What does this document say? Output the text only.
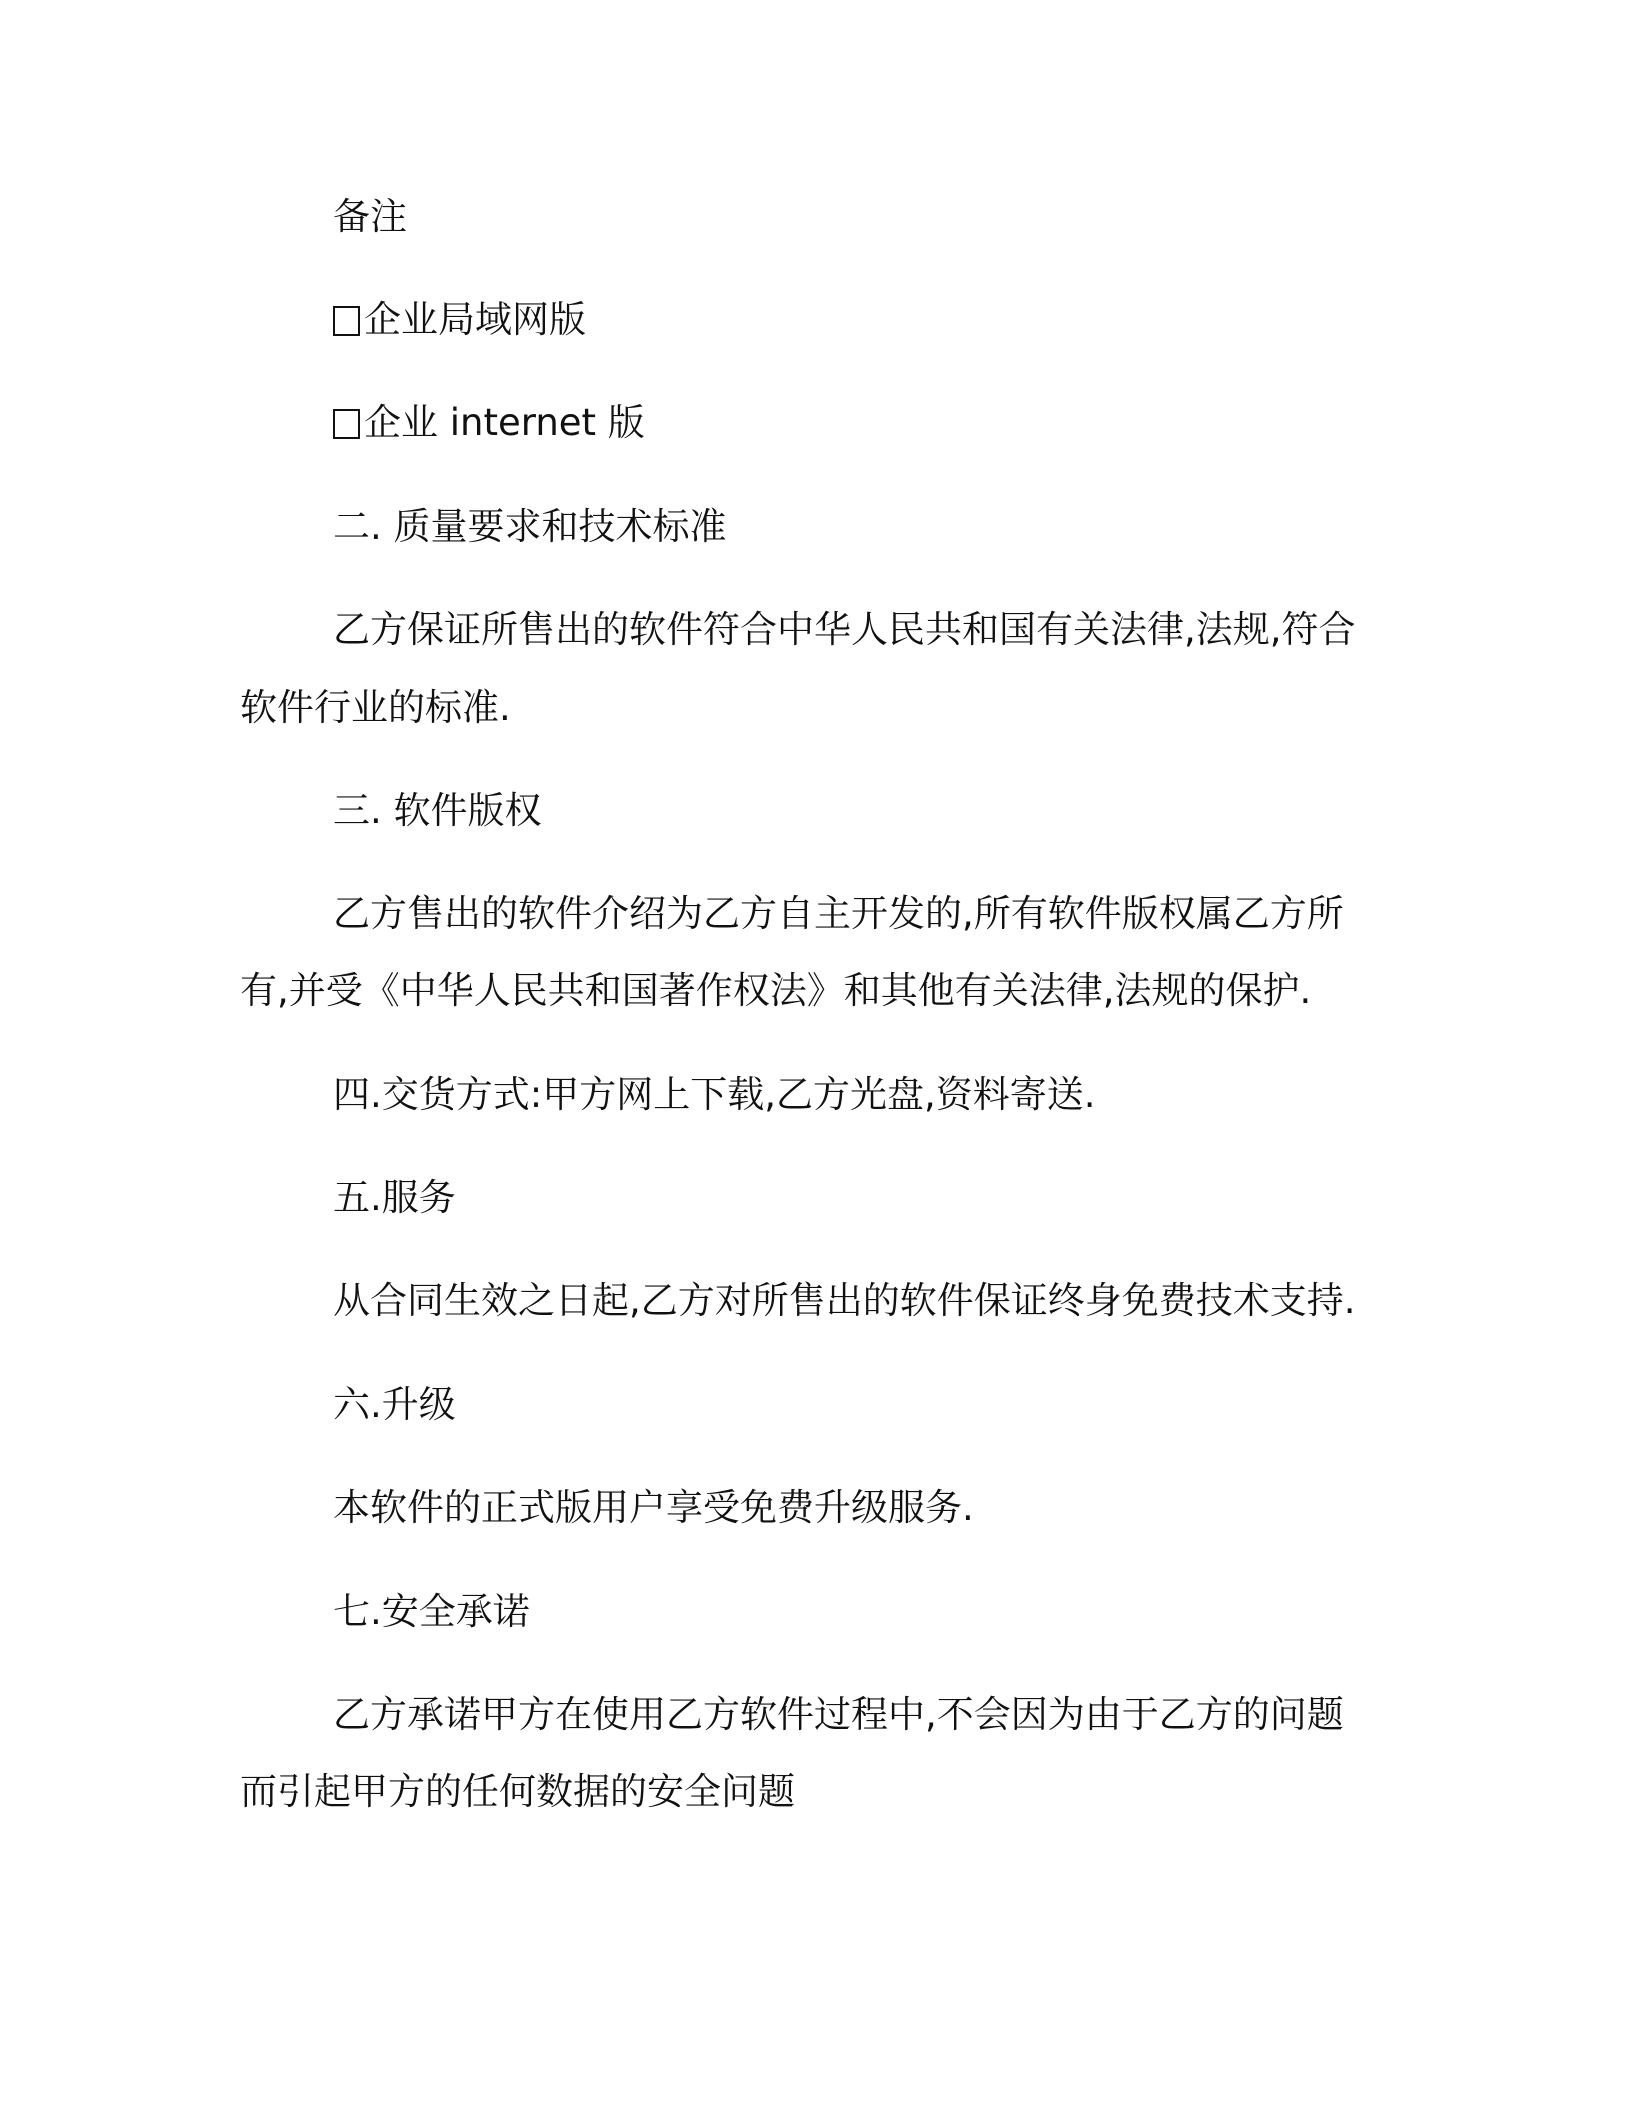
备注
企业局域网版
企业 internet 版
二. 质量要求和技术标准
乙方保证所售出的软件符合中华人民共和国有关法律,法规,符合
软件行业的标准.
三. 软件版权
乙方售出的软件介绍为乙方自主开发的,所有软件版权属乙方所
有,并受《中华人民共和国著作权法》和其他有关法律,法规的保护.
四.交货方式:甲方网上下载,乙方光盘,资料寄送.
五.服务
从合同生效之日起,乙方对所售出的软件保证终身免费技术支持.
六.升级
本软件的正式版用户享受免费升级服务.
七.安全承诺
乙方承诺甲方在使用乙方软件过程中,不会因为由于乙方的问题
而引起甲方的任何数据的安全问题
